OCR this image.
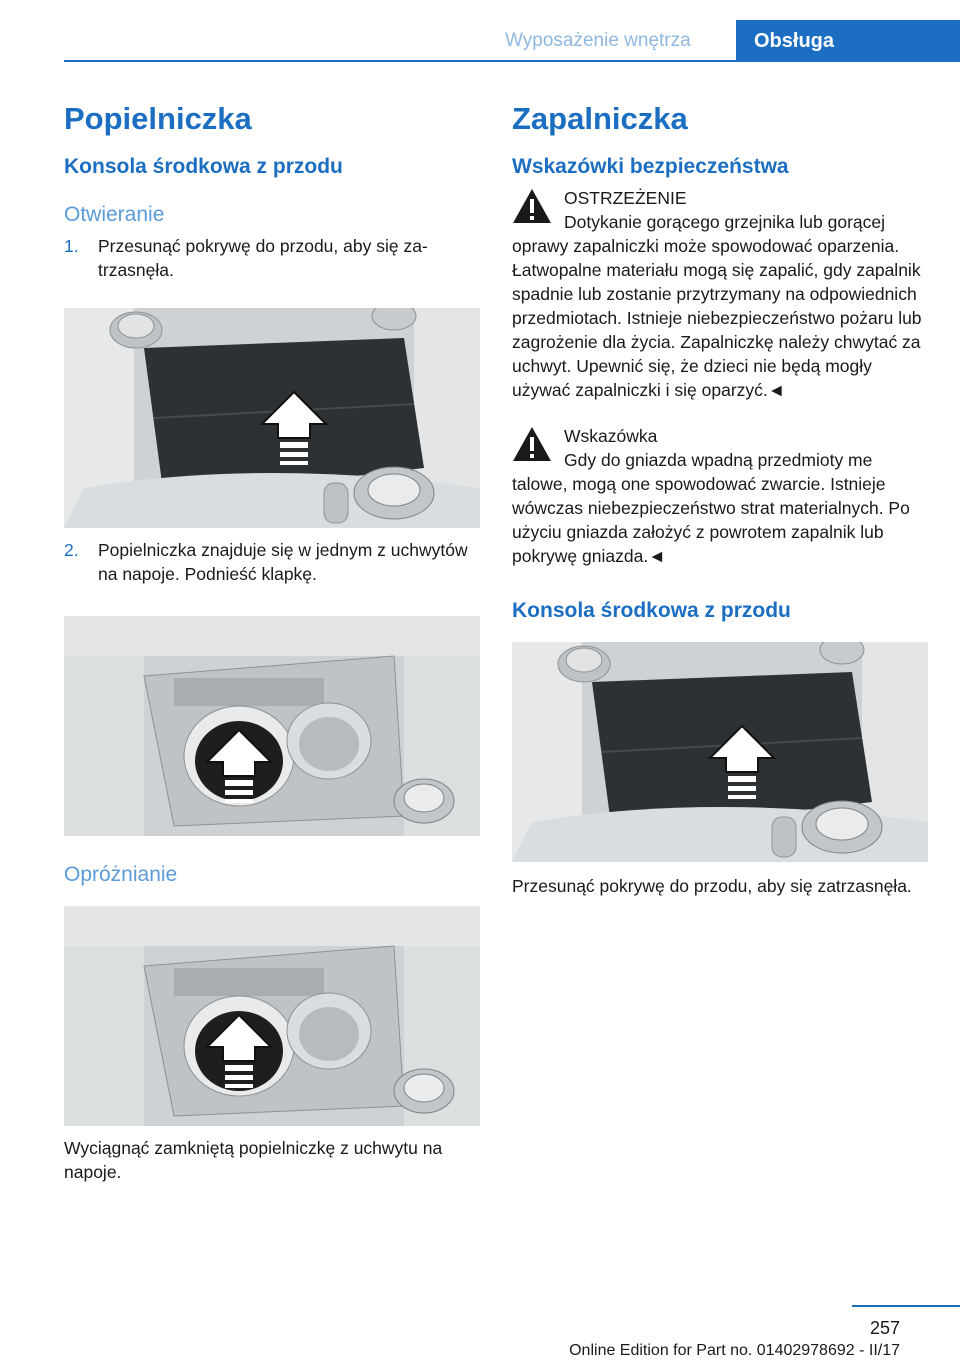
Wyposażenie wnętrza	Obsługa
Popielniczka
Konsola środkowa z przodu
Otwieranie
1. Przesunąć pokrywę do przodu, aby się zatrzasnęła.
2. Popielniczka znajduje się w jednym z uchwytów na napoje. Podnieść klapkę.
Opróżnianie

Wyciągnąć zamkniętą popielniczkę z uchwytu na napoje.

Zapalniczka
Wskazówki bezpieczeństwa
OSTRZEŻENIE
Dotykanie gorącego grzejnika lub gorącej

oprawy zapalniczki może spowodować oparzenia. Łatwopalne materiału mogą się zapalić, gdy zapalnik spadnie lub zostanie przytrzymany na odpowiednich przedmiotach. Istnieje niebezpieczeństwo pożaru lub zagrożenie dla życia. Zapalniczkę należy chwytać za uchwyt. Upewnić się, że dzieci nie będą mogły używać zapalniczki i się oparzyć.◄

Wskazówka
Gdy do gniazda wpadną przedmioty me

talowe, mogą one spowodować zwarcie. Istnieje wówczas niebezpieczeństwo strat materialnych. Po użyciu gniazda założyć z powrotem zapalnik lub pokrywę gniazda.◄

Konsola środkowa z przodu

Przesunąć pokrywę do przodu, aby się zatrzasnęła.

257
Online Edition for Part no. 01402978692 - II/17
